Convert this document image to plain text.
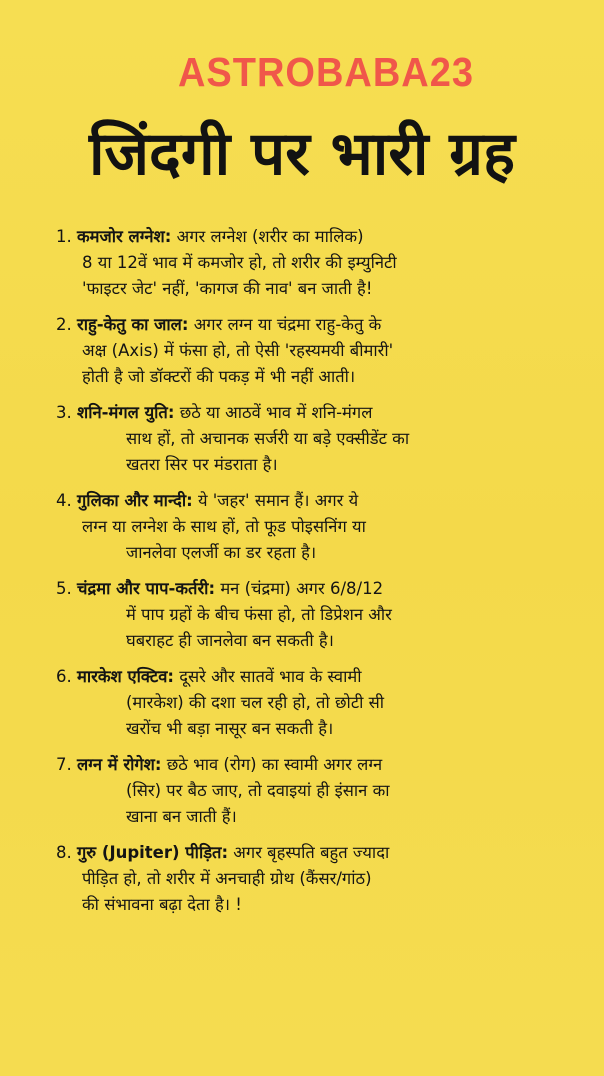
ASTROBABA23
जिंदगी पर भारी ग्रह
1. कमजोर लग्नेश: अगर लग्नेश (शरीर का मालिक)
8 या 12वें भाव में कमजोर हो, तो शरीर की इम्युनिटी
'फाइटर जेट' नहीं, 'कागज की नाव' बन जाती है!
2. राहु-केतु का जाल: अगर लग्न या चंद्रमा राहु-केतु के
अक्ष (Axis) में फंसा हो, तो ऐसी 'रहस्यमयी बीमारी'
होती है जो डॉक्टरों की पकड़ में भी नहीं आती।
3. शनि-मंगल युति: छठे या आठवें भाव में शनि-मंगल
साथ हों, तो अचानक सर्जरी या बड़े एक्सीडेंट का
खतरा सिर पर मंडराता है।
4. गुलिका और मान्दी: ये 'जहर' समान हैं। अगर ये
लग्न या लग्नेश के साथ हों, तो फूड पोइसनिंग या
जानलेवा एलर्जी का डर रहता है।
5. चंद्रमा और पाप-कर्तरी: मन (चंद्रमा) अगर 6/8/12
में पाप ग्रहों के बीच फंसा हो, तो डिप्रेशन और
घबराहट ही जानलेवा बन सकती है।
6. मारकेश एक्टिव: दूसरे और सातवें भाव के स्वामी
(मारकेश) की दशा चल रही हो, तो छोटी सी
खरोंच भी बड़ा नासूर बन सकती है।
7. लग्न में रोगेश: छठे भाव (रोग) का स्वामी अगर लग्न
(सिर) पर बैठ जाए, तो दवाइयां ही इंसान का
खाना बन जाती हैं।
8. गुरु (Jupiter) पीड़ित: अगर बृहस्पति बहुत ज्यादा
पीड़ित हो, तो शरीर में अनचाही ग्रोथ (कैंसर/गांठ)
की संभावना बढ़ा देता है। !
